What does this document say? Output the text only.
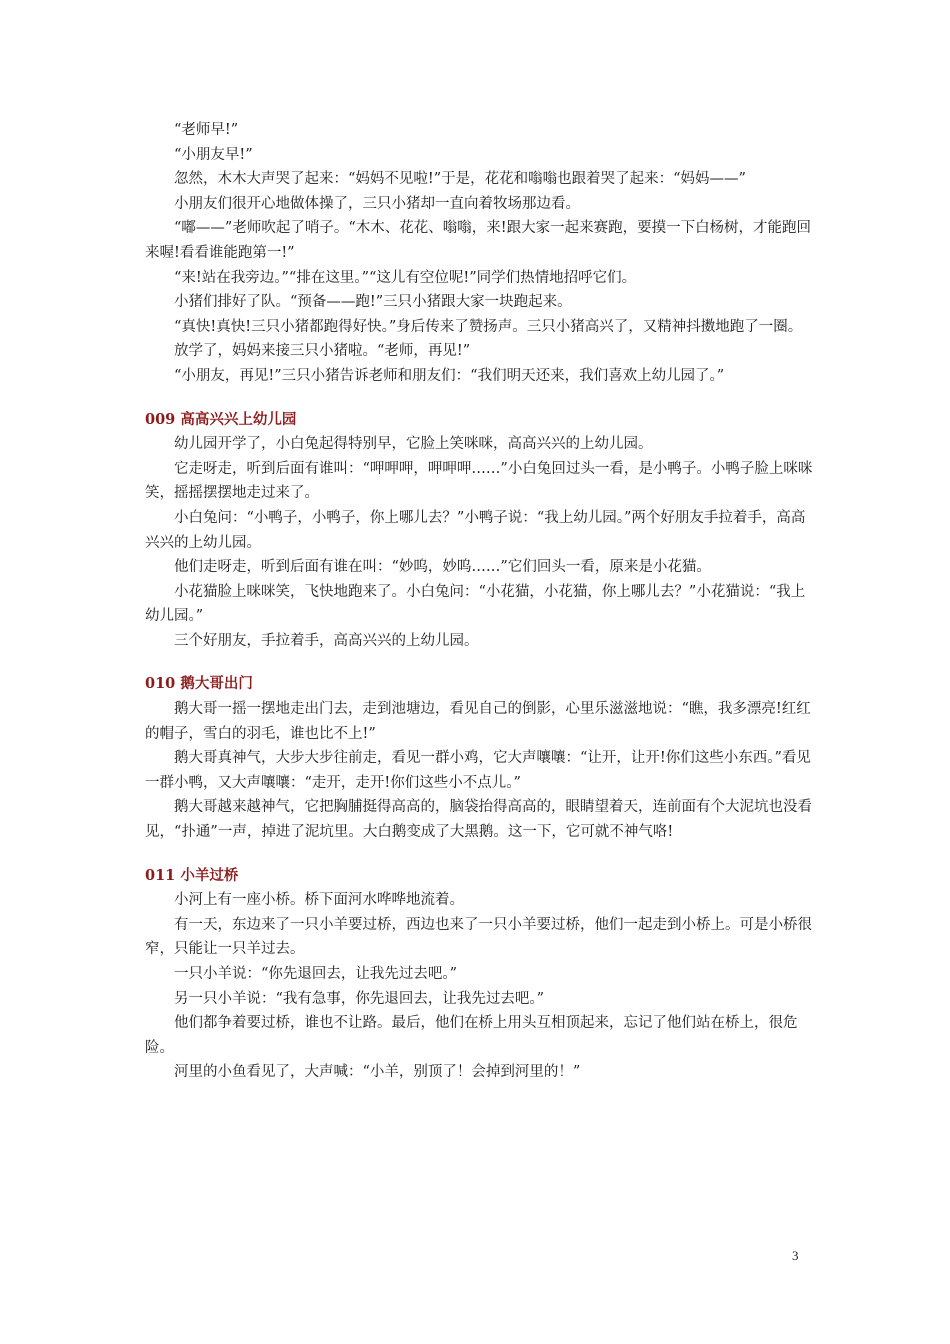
“老师早!”

“小朋友早!”

忽然，木木大声哭了起来：“妈妈不见啦!”于是，花花和嗡嗡也跟着哭了起来：“妈妈——”

小朋友们很开心地做体操了，三只小猪却一直向着牧场那边看。

“嘟——”老师吹起了哨子。“木木、花花、嗡嗡，来!跟大家一起来赛跑，要摸一下白杨树，才能跑回来喔!看看谁能跑第一!”

“来!站在我旁边。”“排在这里。”“这儿有空位呢!”同学们热情地招呼它们。

小猪们排好了队。“预备——跑!”三只小猪跟大家一块跑起来。

“真快!真快!三只小猪都跑得好快。”身后传来了赞扬声。三只小猪高兴了，又精神抖擞地跑了一圈。

放学了，妈妈来接三只小猪啦。“老师，再见!”

“小朋友，再见!”三只小猪告诉老师和朋友们：“我们明天还来，我们喜欢上幼儿园了。”

009 高高兴兴上幼儿园

幼儿园开学了，小白兔起得特别早，它脸上笑咪咪，高高兴兴的上幼儿园。

它走呀走，听到后面有谁叫：“呷呷呷，呷呷呷……”小白兔回过头一看，是小鸭子。小鸭子脸上咪咪笑，摇摇摆摆地走过来了。

小白兔问：“小鸭子，小鸭子，你上哪儿去？”小鸭子说：“我上幼儿园。”两个好朋友手拉着手，高高兴兴的上幼儿园。

他们走呀走，听到后面有谁在叫：“妙呜，妙呜……”它们回头一看，原来是小花猫。

小花猫脸上咪咪笑，飞快地跑来了。小白兔问：“小花猫，小花猫，你上哪儿去？”小花猫说：“我上幼儿园。”

三个好朋友，手拉着手，高高兴兴的上幼儿园。

010 鹅大哥出门

鹅大哥一摇一摆地走出门去，走到池塘边，看见自己的倒影，心里乐滋滋地说：“瞧，我多漂亮!红红的帽子，雪白的羽毛，谁也比不上!”

鹅大哥真神气，大步大步往前走，看见一群小鸡，它大声嚷嚷：“让开，让开!你们这些小东西。”看见一群小鸭，又大声嚷嚷：“走开，走开!你们这些小不点儿。”

鹅大哥越来越神气，它把胸脯挺得高高的，脑袋抬得高高的，眼睛望着天，连前面有个大泥坑也没看见，“扑通”一声，掉进了泥坑里。大白鹅变成了大黑鹅。这一下，它可就不神气咯!

011 小羊过桥

小河上有一座小桥。桥下面河水哗哗地流着。

有一天，东边来了一只小羊要过桥，西边也来了一只小羊要过桥，他们一起走到小桥上。可是小桥很窄，只能让一只羊过去。

一只小羊说：“你先退回去，让我先过去吧。”

另一只小羊说：“我有急事，你先退回去，让我先过去吧。”

他们都争着要过桥，谁也不让路。最后，他们在桥上用头互相顶起来，忘记了他们站在桥上，很危险。

河里的小鱼看见了，大声喊：“小羊，别顶了！会掉到河里的！”

3
